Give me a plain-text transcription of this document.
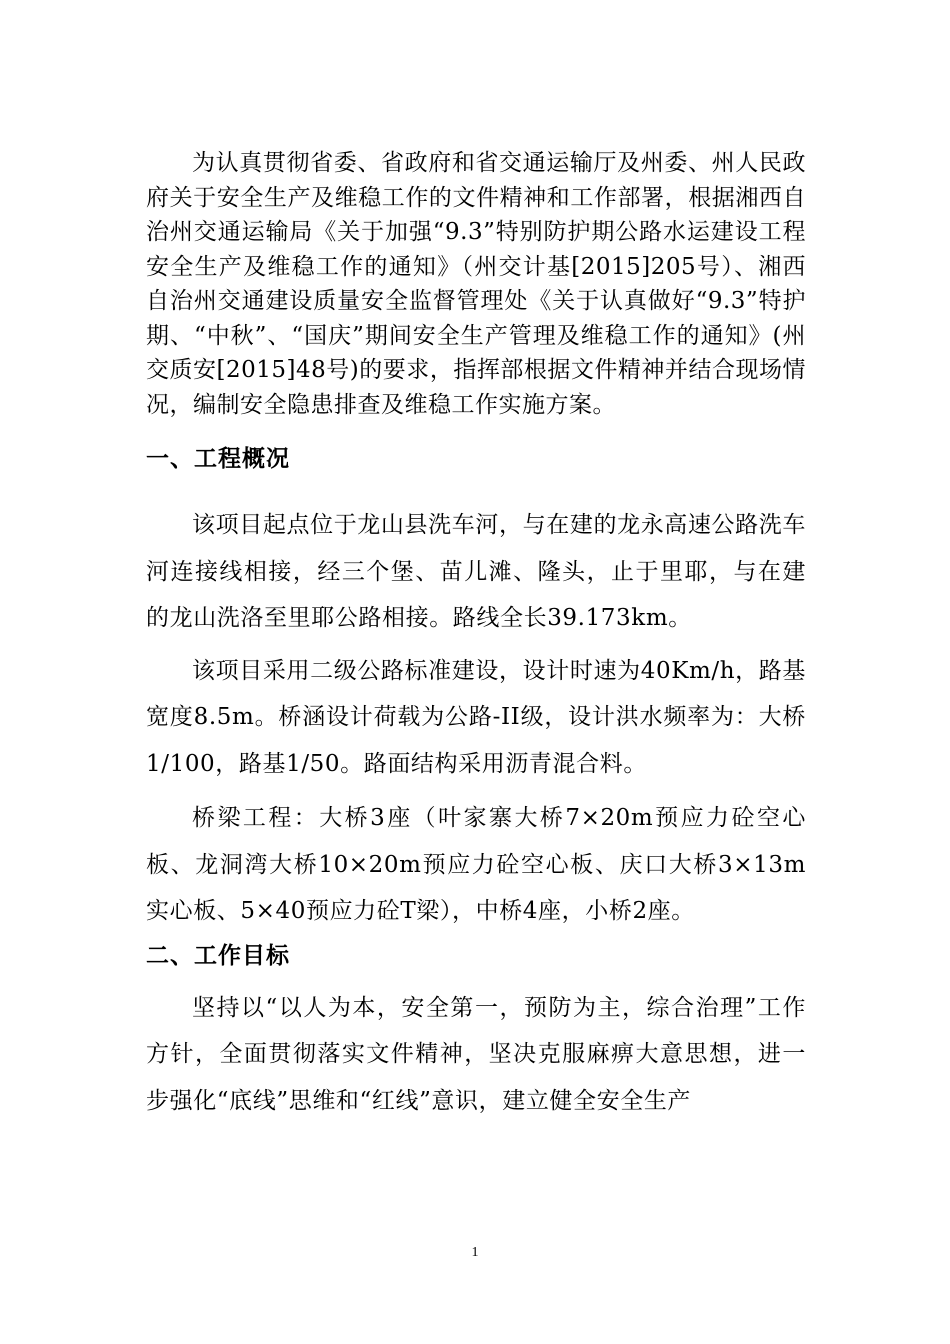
为认真贯彻省委、省政府和省交通运输厅及州委、州人民政府关于安全生产及维稳工作的文件精神和工作部署，根据湘西自治州交通运输局《关于加强“9.3”特别防护期公路水运建设工程安全生产及维稳工作的通知》（州交计基[2015]205号）、湘西自治州交通建设质量安全监督管理处《关于认真做好“9.3”特护期、“中秋”、“国庆”期间安全生产管理及维稳工作的通知》(州交质安[2015]48号)的要求，指挥部根据文件精神并结合现场情况，编制安全隐患排查及维稳工作实施方案。

一、工程概况

该项目起点位于龙山县洗车河，与在建的龙永高速公路洗车河连接线相接，经三个堡、苗儿滩、隆头，止于里耶，与在建的龙山洗洛至里耶公路相接。路线全长39.173km。

该项目采用二级公路标准建设，设计时速为40Km/h，路基宽度8.5m。桥涵设计荷载为公路-II级，设计洪水频率为：大桥1/100，路基1/50。路面结构采用沥青混合料。

桥梁工程：大桥3座（叶家寨大桥7×20m预应力砼空心板、龙洞湾大桥10×20m预应力砼空心板、庆口大桥3×13m实心板、5×40预应力砼T梁），中桥4座，小桥2座。

二、工作目标

坚持以“以人为本，安全第一，预防为主，综合治理”工作方针，全面贯彻落实文件精神，坚决克服麻痹大意思想，进一步强化“底线”思维和“红线”意识，建立健全安全生产

1
